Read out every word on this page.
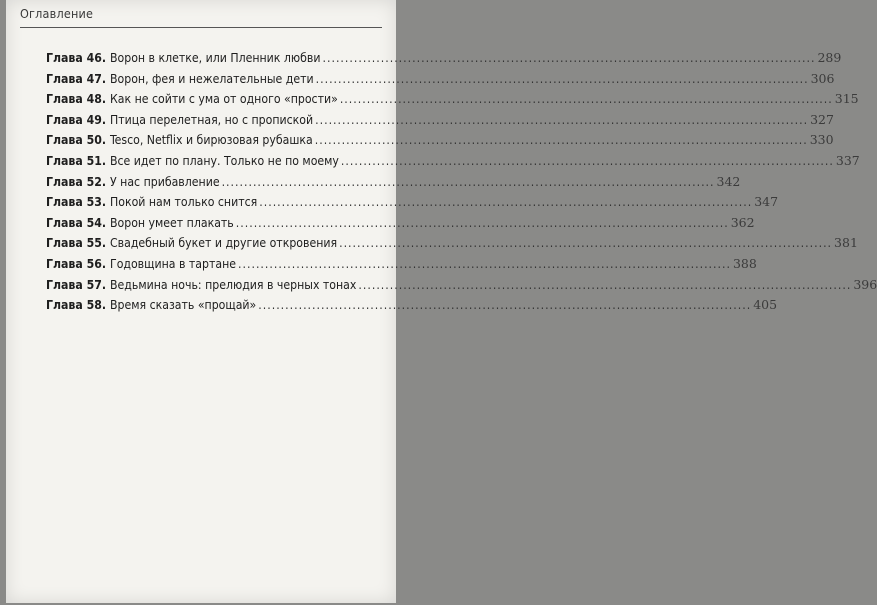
Оглавление
Глава 46. Ворон в клетке, или Пленник любви .....	289
Глава 47. Ворон, фея и нежелательные дети .....	306
Глава 48. Как не сойти с ума от одного «прости» .....	315
Глава 49. Птица перелетная, но с пропиской .....	327
Глава 50. Tesco, Netflix и бирюзовая рубашка .....	330
Глава 51. Все идет по плану. Только не по моему .....	337
Глава 52. У нас прибавление .....	342
Глава 53. Покой нам только снится .....	347
Глава 54. Ворон умеет плакать .....	362
Глава 55. Свадебный букет и другие откровения .....	381
Глава 56. Годовщина в тартане .....	388
Глава 57. Ведьмина ночь: прелюдия в черных тонах .....	396
Глава 58. Время сказать «прощай» .....	405
